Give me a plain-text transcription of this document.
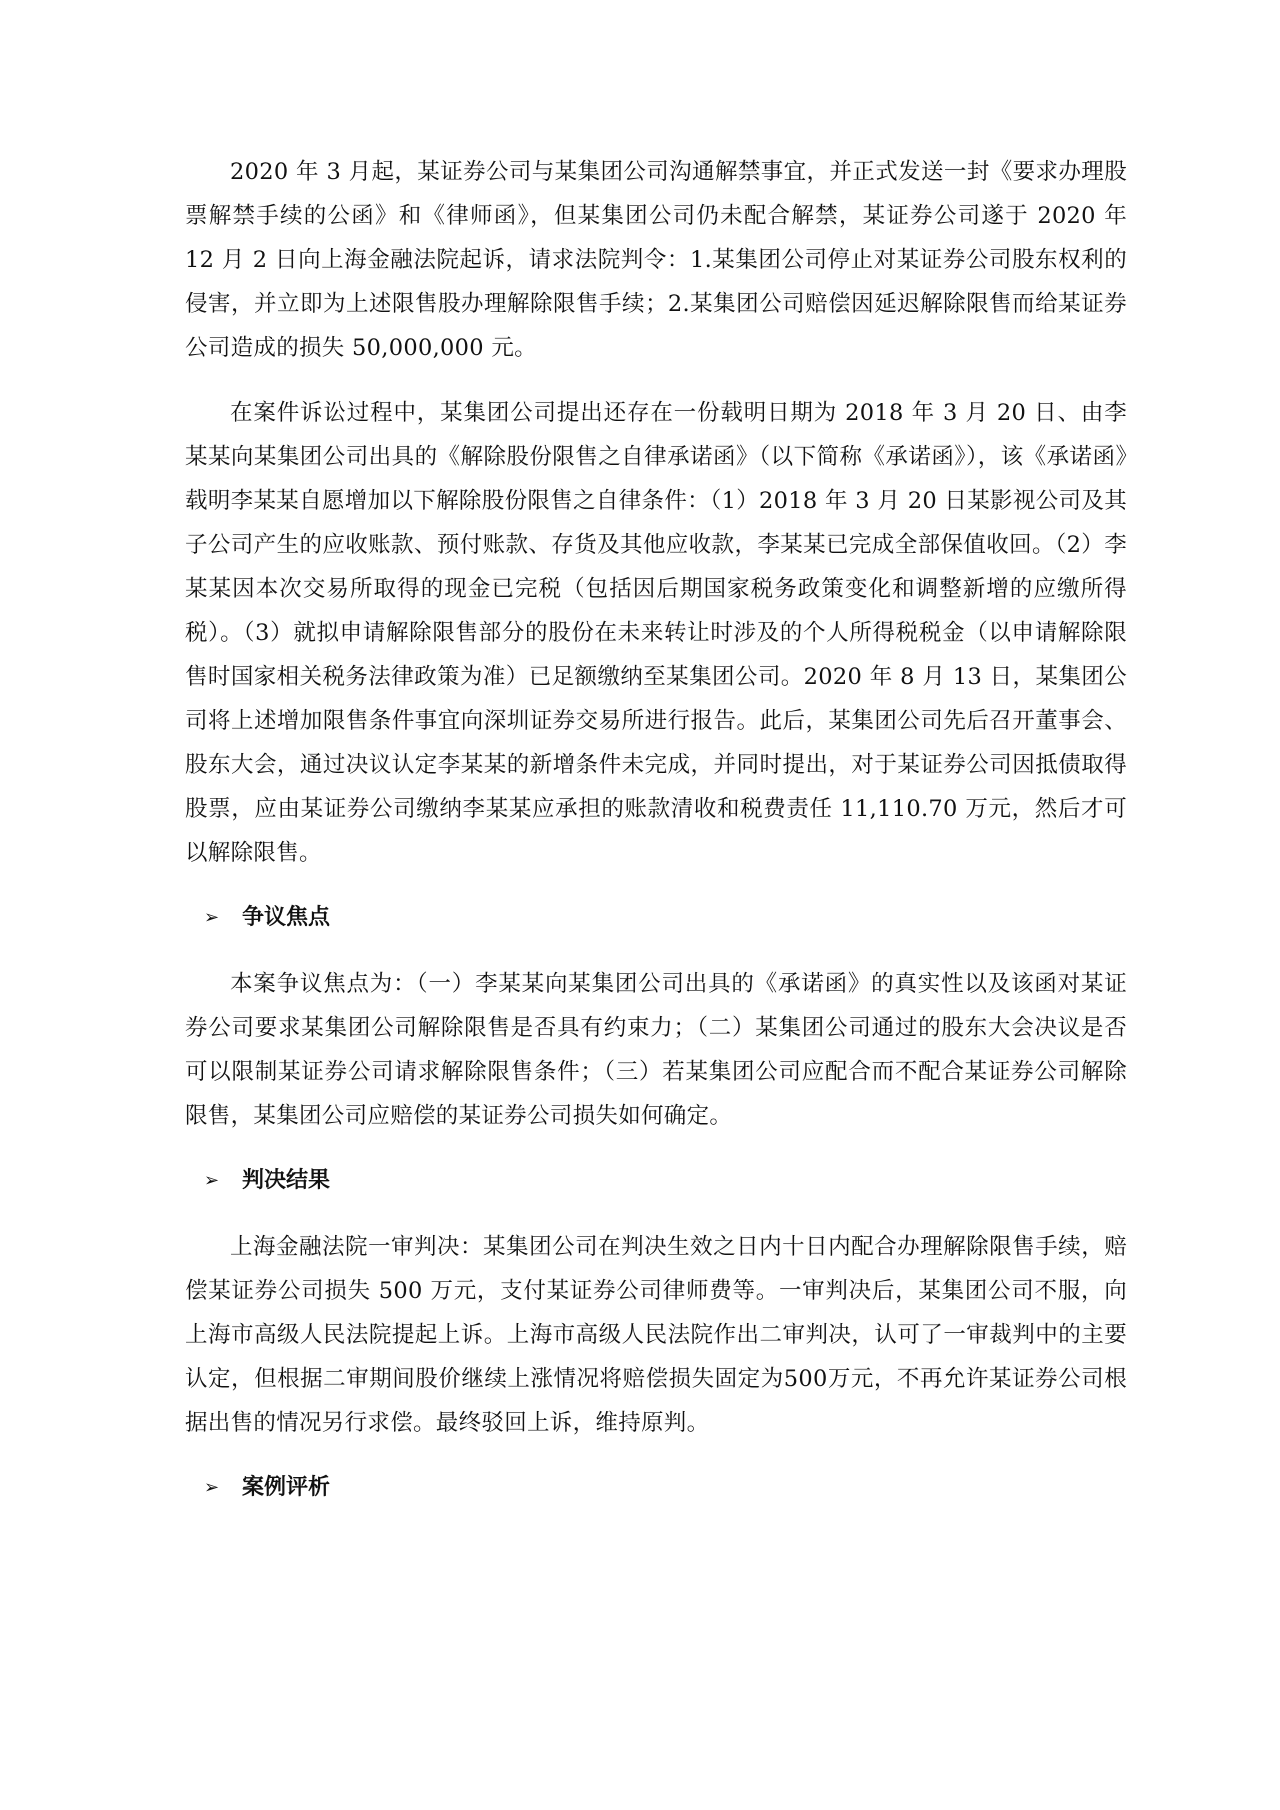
2020 年 3 月起，某证券公司与某集团公司沟通解禁事宜，并正式发送一封《要求办理股票解禁手续的公函》和《律师函》，但某集团公司仍未配合解禁，某证券公司遂于 2020 年 12 月 2 日向上海金融法院起诉，请求法院判令：1.某集团公司停止对某证券公司股东权利的侵害，并立即为上述限售股办理解除限售手续；2.某集团公司赔偿因延迟解除限售而给某证券公司造成的损失 50,000,000 元。

在案件诉讼过程中，某集团公司提出还存在一份载明日期为 2018 年 3 月 20 日、由李某某向某集团公司出具的《解除股份限售之自律承诺函》（以下简称《承诺函》），该《承诺函》载明李某某自愿增加以下解除股份限售之自律条件：（1）2018 年 3 月 20 日某影视公司及其子公司产生的应收账款、预付账款、存货及其他应收款，李某某已完成全部保值收回。（2）李某某因本次交易所取得的现金已完税（包括因后期国家税务政策变化和调整新增的应缴所得税）。（3）就拟申请解除限售部分的股份在未来转让时涉及的个人所得税税金（以申请解除限售时国家相关税务法律政策为准）已足额缴纳至某集团公司。2020 年 8 月 13 日，某集团公司将上述增加限售条件事宜向深圳证券交易所进行报告。此后，某集团公司先后召开董事会、股东大会，通过决议认定李某某的新增条件未完成，并同时提出，对于某证券公司因抵债取得股票，应由某证券公司缴纳李某某应承担的账款清收和税费责任 11,110.70 万元，然后才可以解除限售。

➢ 争议焦点

本案争议焦点为：（一）李某某向某集团公司出具的《承诺函》的真实性以及该函对某证券公司要求某集团公司解除限售是否具有约束力；（二）某集团公司通过的股东大会决议是否可以限制某证券公司请求解除限售条件；（三）若某集团公司应配合而不配合某证券公司解除限售，某集团公司应赔偿的某证券公司损失如何确定。

➢ 判决结果

上海金融法院一审判决：某集团公司在判决生效之日内十日内配合办理解除限售手续，赔偿某证券公司损失 500 万元，支付某证券公司律师费等。一审判决后，某集团公司不服，向上海市高级人民法院提起上诉。上海市高级人民法院作出二审判决，认可了一审裁判中的主要认定，但根据二审期间股价继续上涨情况将赔偿损失固定为500万元，不再允许某证券公司根据出售的情况另行求偿。最终驳回上诉，维持原判。

➢ 案例评析
